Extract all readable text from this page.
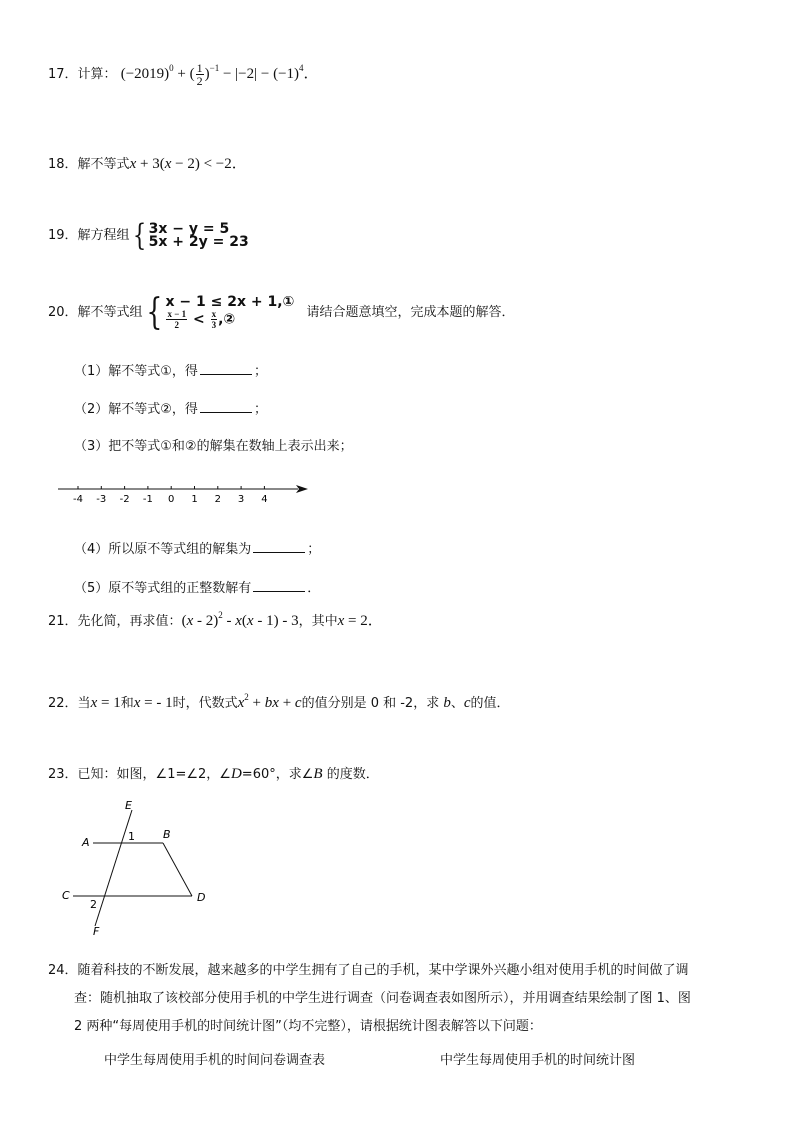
17．计算： $(-2019)^0$ + ( $\frac{1}{2} )^{-1} - |-2| - (-1)^4$．
18．解不等式x + 3(x − 2) < −2．
19．解方程组{ 3x − y = 5
5x + 2y = 23
20．解不等式组{ x − 1 ≤ 2x + 1,①
$\frac{x - 1}{2} < \frac{x}{3}$ ,②	请结合题意填空，完成本题的解答．
（1）解不等式①，得	；
（2）解不等式②，得	；
（3）把不等式①和②的解集在数轴上表示出来；
-4 -3 -2 -1 0 1 2 3 4
（4）所以原不等式组的解集为	；
（5）原不等式组的正整数解有	．
21．先化简，再求值：(x - 2)$^2$ - x(x - 1) - 3，其中x = 2．
22．当x = 1和x = - 1时，代数式$x^2$ + bx + c的值分别是 0 和 -2，求 b、c的值．
23．已知：如图，∠1=∠2，∠D=60°，求∠B 的度数．
E
A
B
1
C	D
2
F
24．随着科技的不断发展，越来越多的中学生拥有了自己的手机，某中学课外兴趣小组对使用手机的时间做了调
查：随机抽取了该校部分使用手机的中学生进行调查（问卷调查表如图所示），并用调查结果绘制了图 1、图
2 两种“每周使用手机的时间统计图”（均不完整），请根据统计图表解答以下问题：
中学生每周使用手机的时间问卷调查表	中学生每周使用手机的时间统计图
